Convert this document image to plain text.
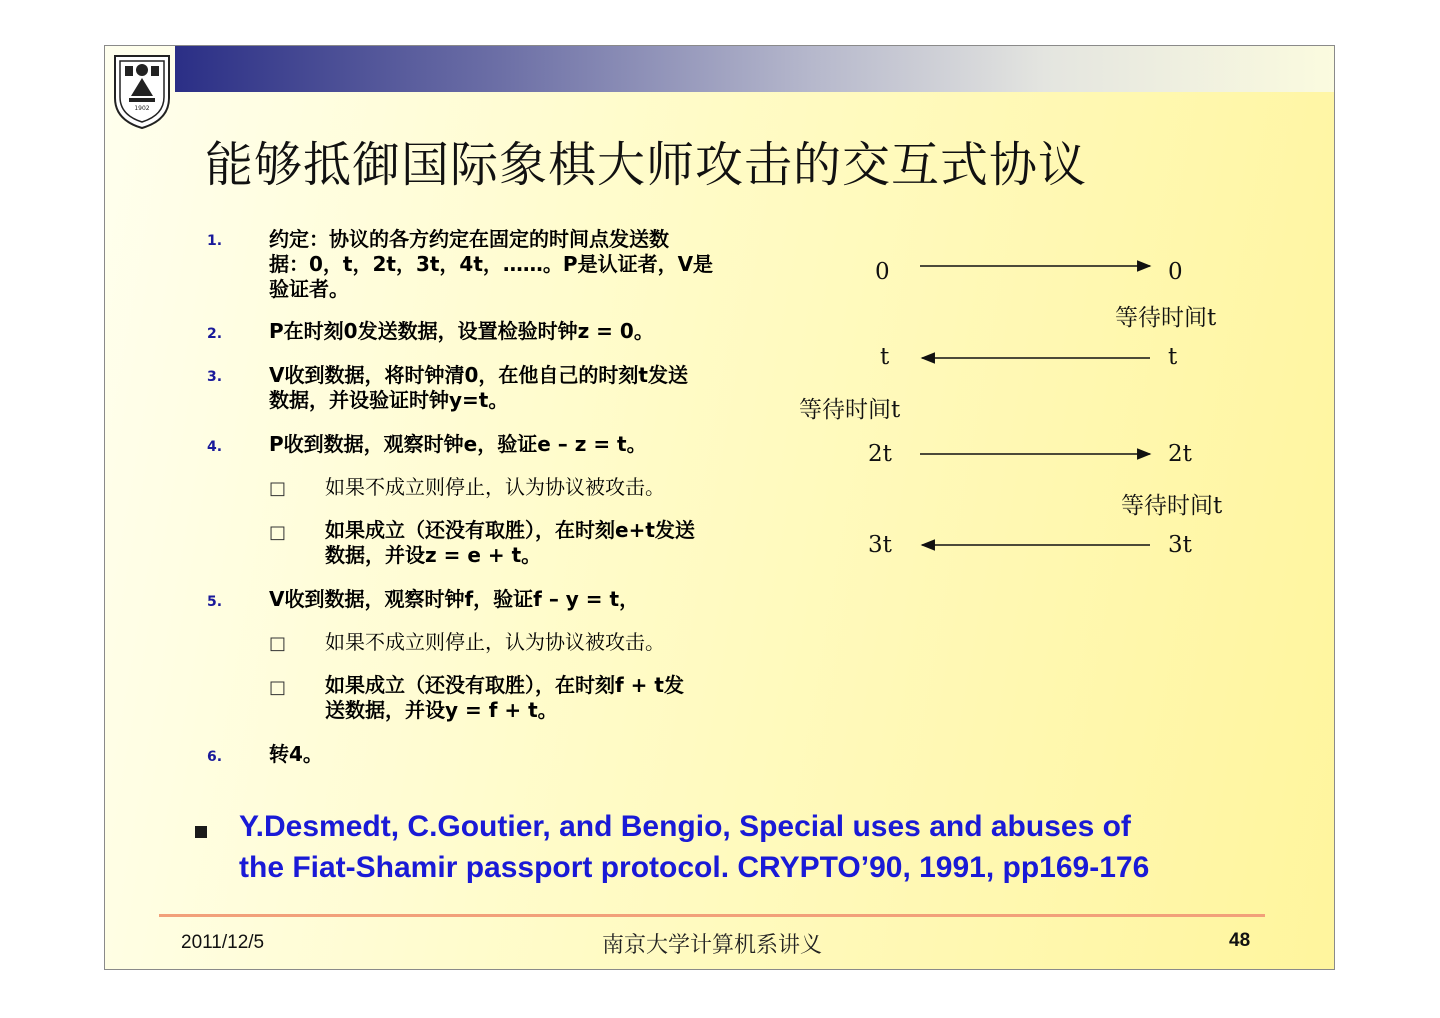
1902
能够抵御国际象棋大师攻击的交互式协议
1. 约定：协议的各方约定在固定的时间点发送数
据：0，t，2t，3t，4t，……。P是认证者，V是
验证者。
2. P在时刻0发送数据，设置检验时钟z = 0。
3. V收到数据，将时钟清0，在他自己的时刻t发送
数据，并设验证时钟y=t。
4. P收到数据，观察时钟e，验证e – z = t。
□ 如果不成立则停止，认为协议被攻击。
□ 如果成立（还没有取胜），在时刻e+t发送
数据，并设z = e + t。
5. V收到数据，观察时钟f，验证f – y = t，
□ 如果不成立则停止，认为协议被攻击。
□ 如果成立（还没有取胜），在时刻f + t发
送数据，并设y = f + t。
6. 转4。
0	0
等待时间t
t	t
等待时间t
2t	2t
等待时间t
3t	3t
Y.Desmedt, C.Goutier, and Bengio, Special uses and abuses of
the Fiat-Shamir passport protocol. CRYPTO’90, 1991, pp169-176
2011/12/5	南京大学计算机系讲义	48
